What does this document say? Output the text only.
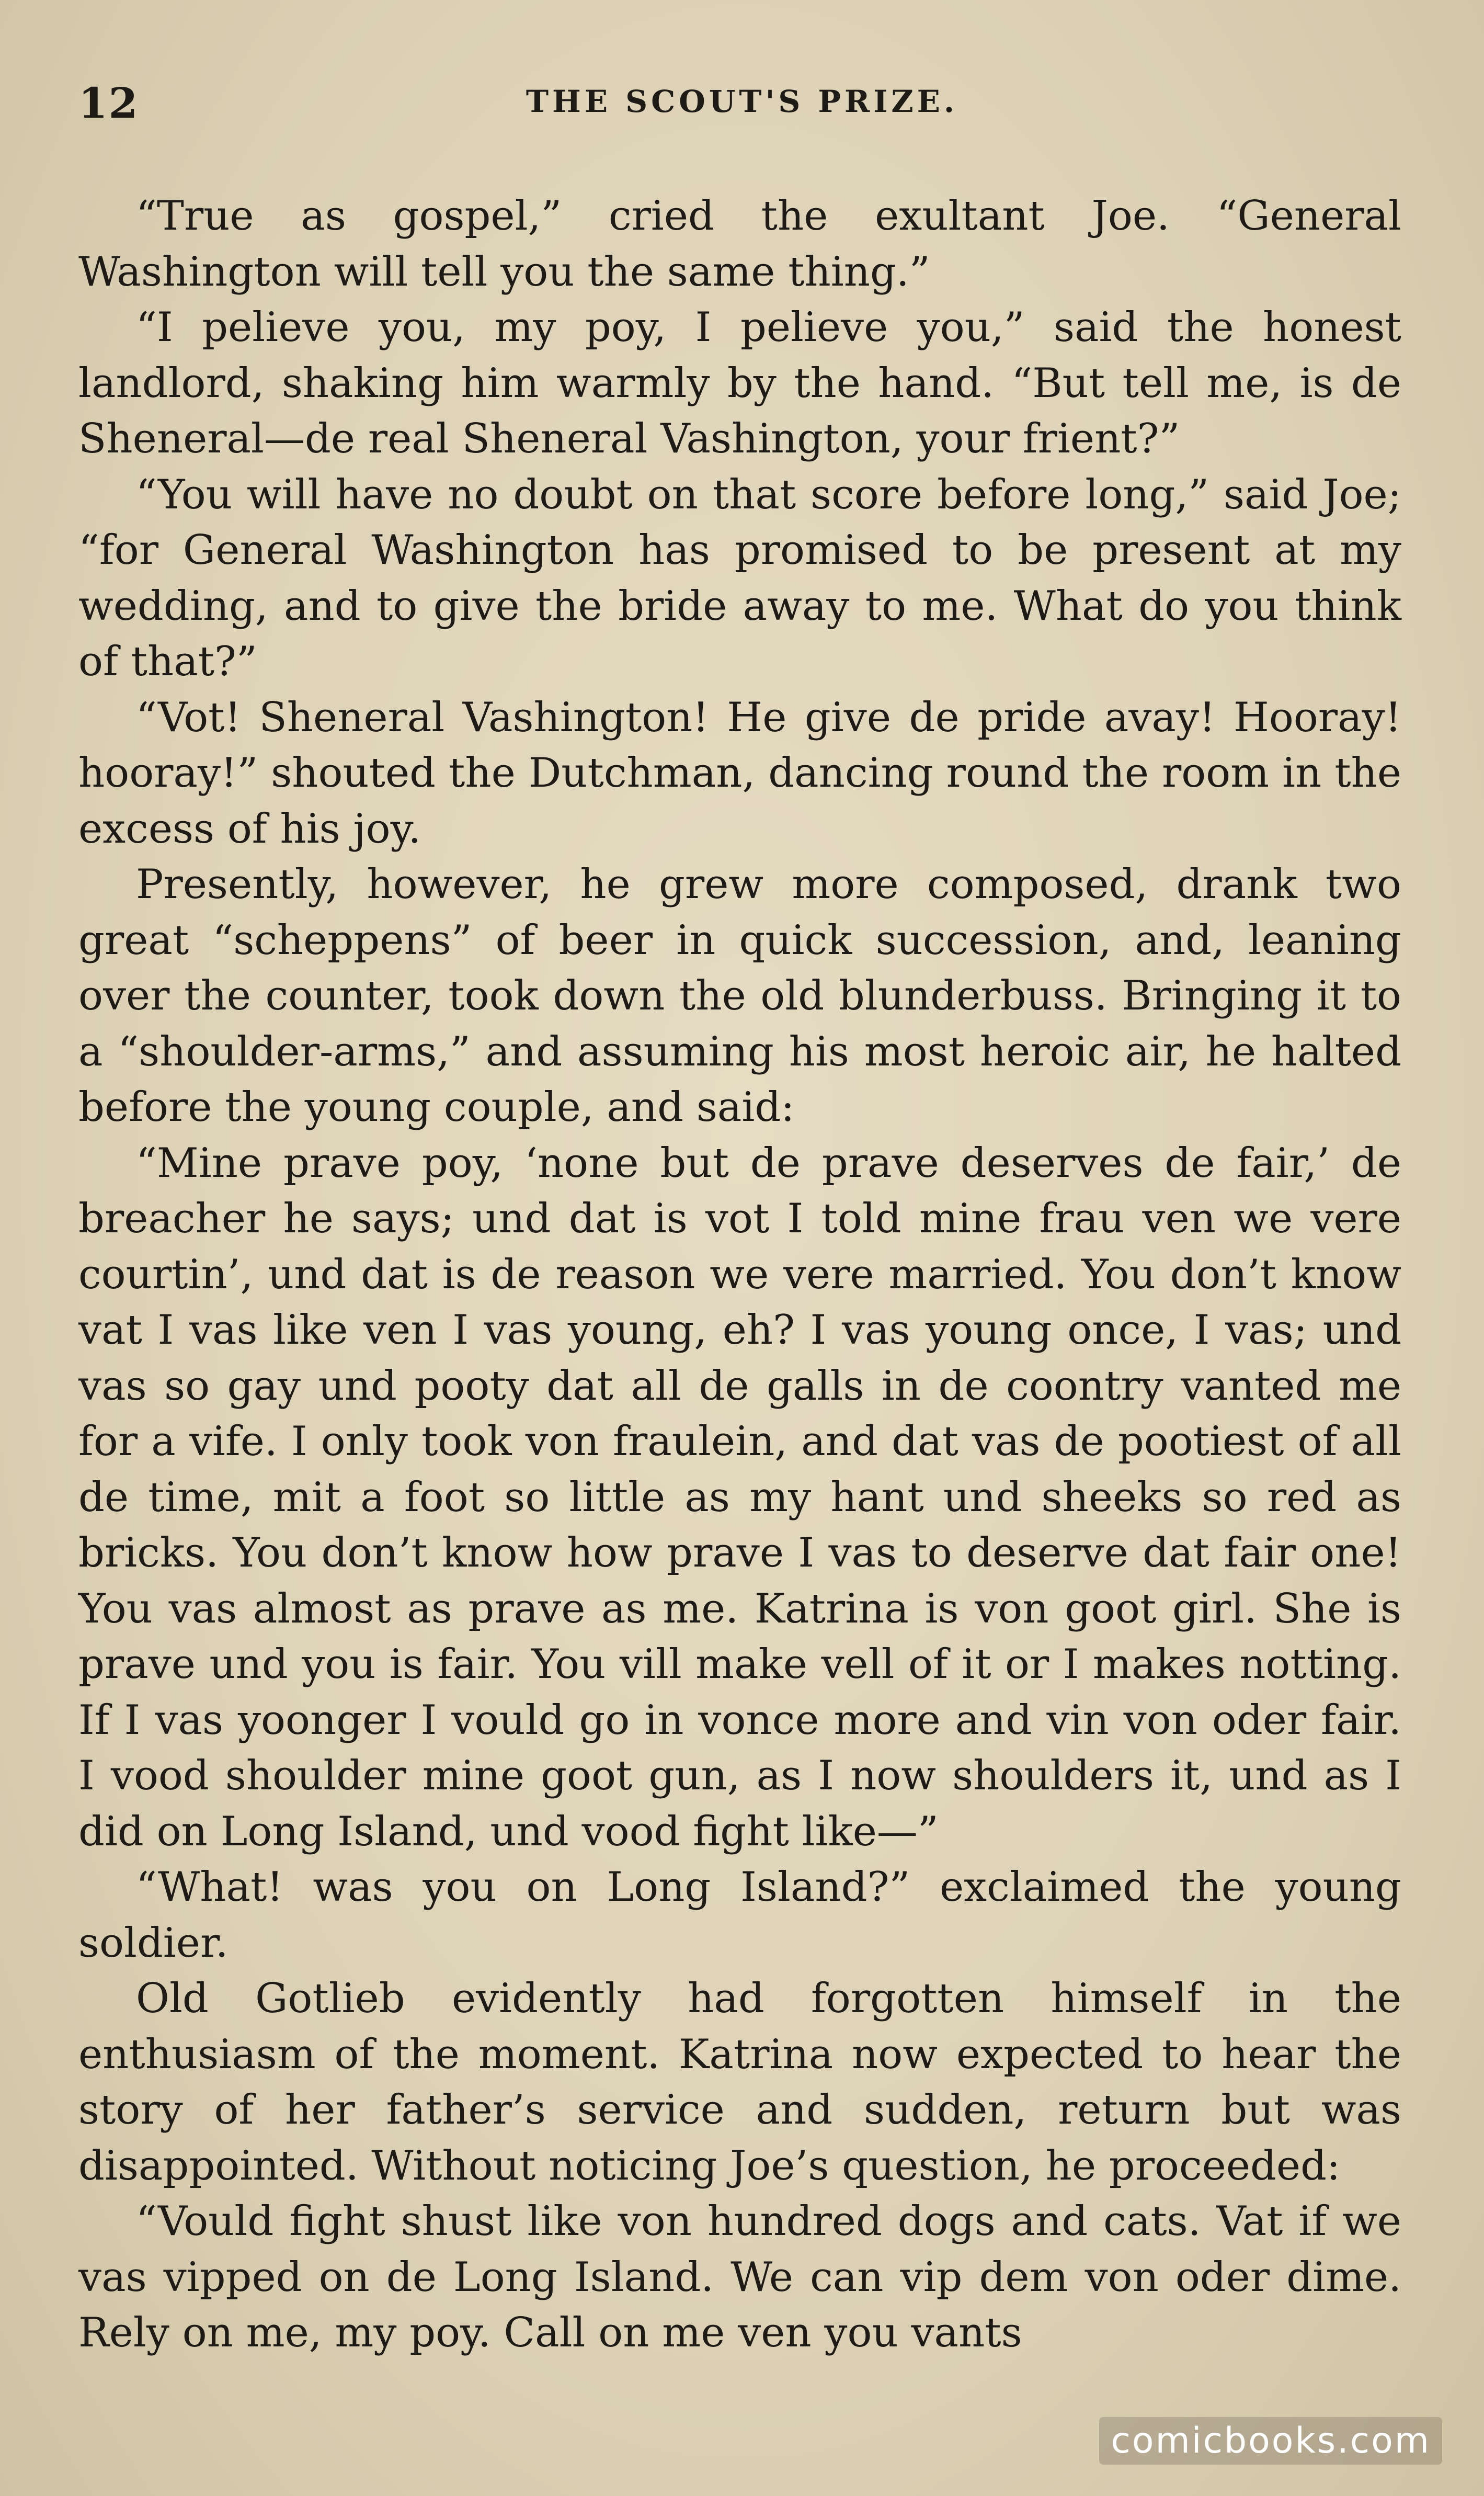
12	THE SCOUT'S PRIZE.

“True as gospel,” cried the exultant Joe. “General Washington will tell you the same thing.”

“I pelieve you, my poy, I pelieve you,” said the honest landlord, shaking him warmly by the hand. “But tell me, is de Sheneral—de real Sheneral Vashington, your frient?”

“You will have no doubt on that score before long,” said Joe; “for General Washington has promised to be present at my wedding, and to give the bride away to me. What do you think of that?”

“Vot! Sheneral Vashington! He give de pride avay! Hooray! hooray!” shouted the Dutchman, dancing round the room in the excess of his joy.

Presently, however, he grew more composed, drank two great “scheppens” of beer in quick succession, and, leaning over the counter, took down the old blunderbuss. Bringing it to a “shoulder-arms,” and assuming his most heroic air, he halted before the young couple, and said:

“Mine prave poy, ‘none but de prave deserves de fair,’ de breacher he says; und dat is vot I told mine frau ven we vere courtin’, und dat is de reason we vere married. You don’t know vat I vas like ven I vas young, eh? I vas young once, I vas; und vas so gay und pooty dat all de galls in de coontry vanted me for a vife. I only took von fraulein, and dat vas de pootiest of all de time, mit a foot so little as my hant und sheeks so red as bricks. You don’t know how prave I vas to deserve dat fair one! You vas almost as prave as me. Katrina is von goot girl. She is prave und you is fair. You vill make vell of it or I makes notting. If I vas yoonger I vould go in vonce more and vin von oder fair. I vood shoulder mine goot gun, as I now shoulders it, und as I did on Long Island, und vood fight like—”

“What! was you on Long Island?” exclaimed the young soldier.

Old Gotlieb evidently had forgotten himself in the enthusiasm of the moment. Katrina now expected to hear the story of her father’s service and sudden, return but was disappointed. Without noticing Joe’s question, he proceeded:

“Vould fight shust like von hundred dogs and cats. Vat if we vas vipped on de Long Island. We can vip dem von oder dime. Rely on me, my poy. Call on me ven you vants

comicbooks.com
